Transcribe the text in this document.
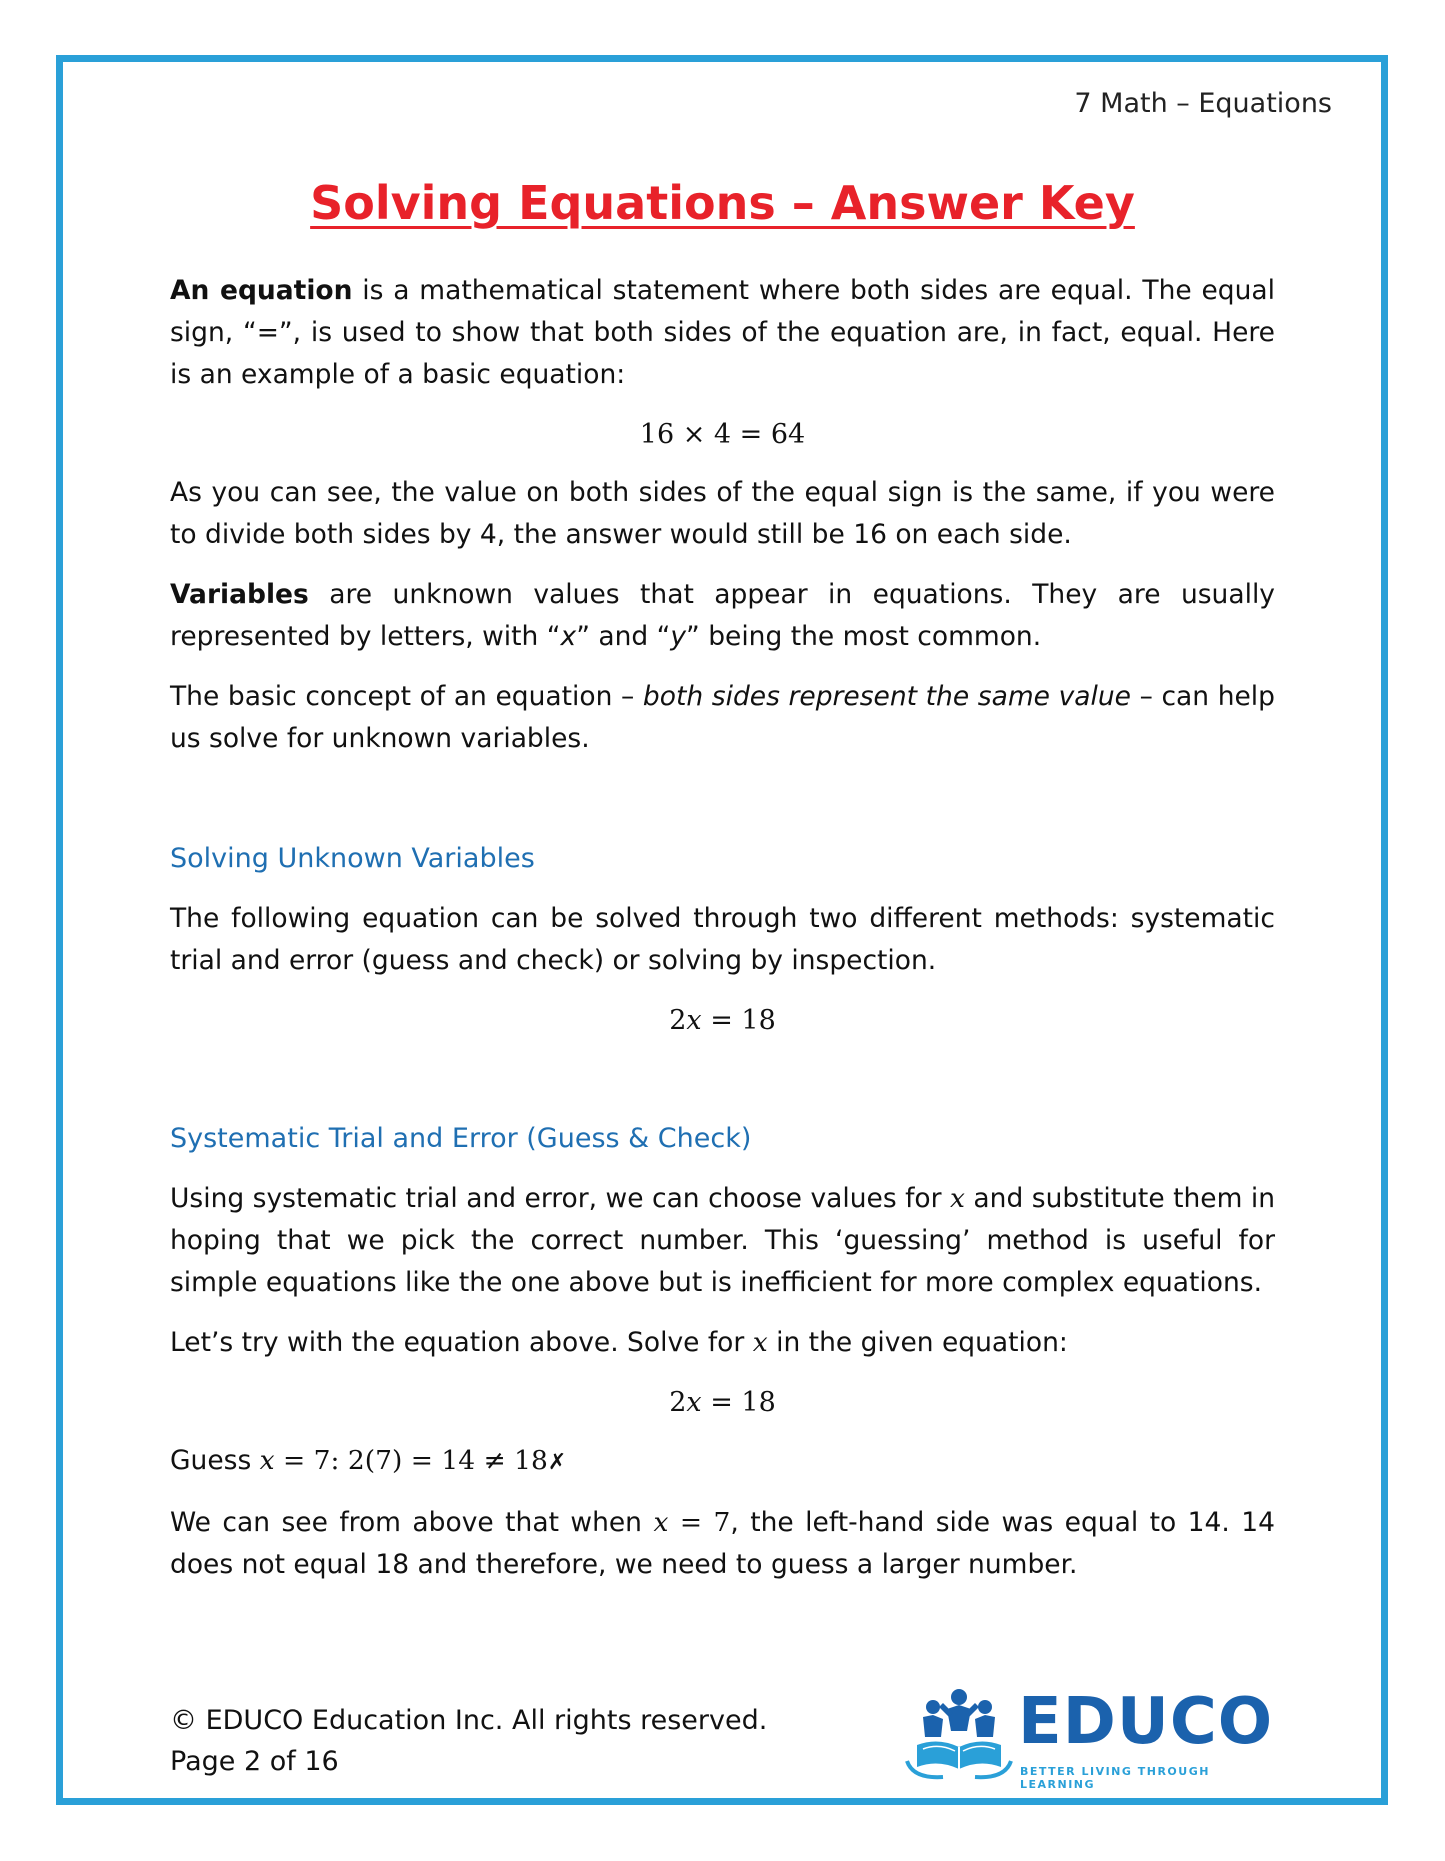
7 Math – Equations
Solving Equations – Answer Key

An equation is a mathematical statement where both sides are equal. The equal sign, “=”, is used to show that both sides of the equation are, in fact, equal. Here is an example of a basic equation:

16 × 4 = 64

As you can see, the value on both sides of the equal sign is the same, if you were to divide both sides by 4, the answer would still be 16 on each side.

Variables are unknown values that appear in equations. They are usually represented by letters, with “x” and “y” being the most common.

The basic concept of an equation – both sides represent the same value – can help us solve for unknown variables.

Solving Unknown Variables

The following equation can be solved through two different methods: systematic trial and error (guess and check) or solving by inspection.

2x = 18

Systematic Trial and Error (Guess & Check)

Using systematic trial and error, we can choose values for x and substitute them in hoping that we pick the correct number. This ‘guessing’ method is useful for simple equations like the one above but is inefficient for more complex equations.

Let’s try with the equation above. Solve for x in the given equation:

2x = 18

Guess x = 7: 2(7) = 14 ≠ 18✗

We can see from above that when x = 7, the left-hand side was equal to 14. 14 does not equal 18 and therefore, we need to guess a larger number.

© EDUCO Education Inc. All rights reserved.
Page 2 of 16
EDUCO
BETTER LIVING THROUGH LEARNING
